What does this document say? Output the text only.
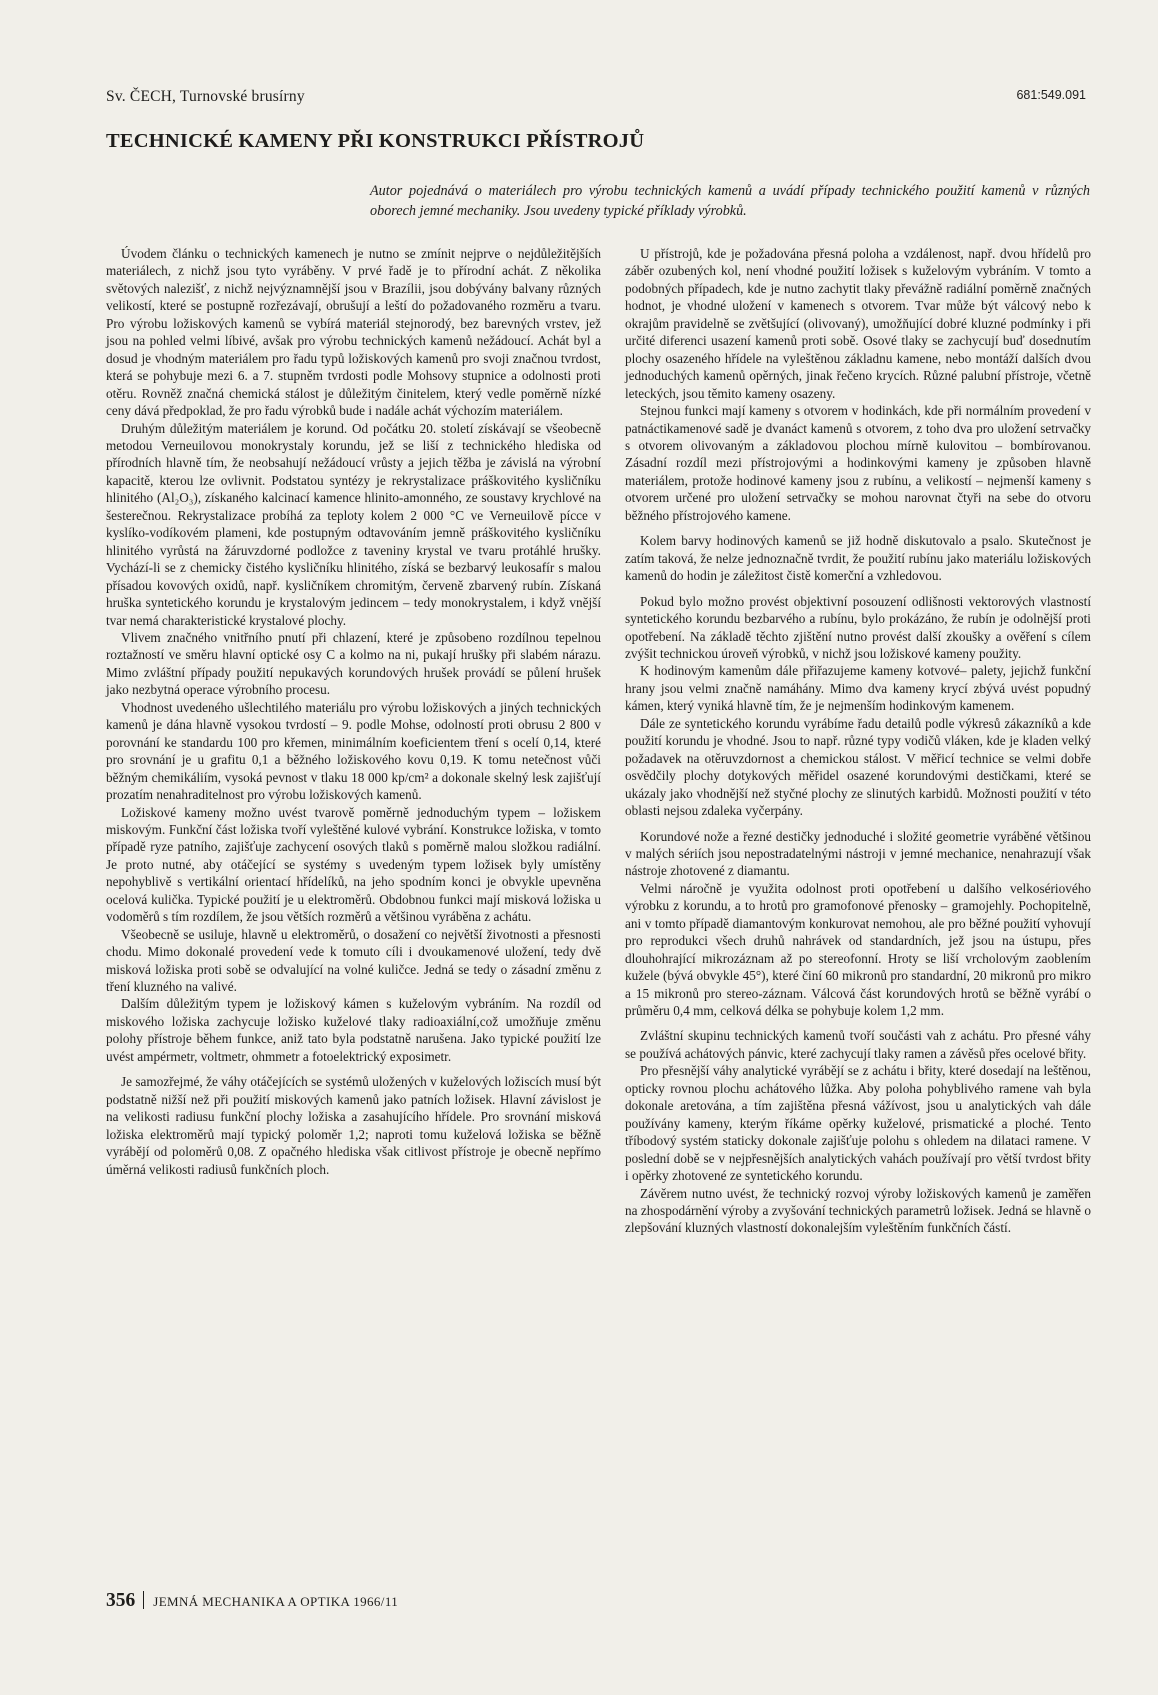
Sv. ČECH, Turnovské brusírny	681:549.091
TECHNICKÉ KAMENY PŘI KONSTRUKCI PŘÍSTROJŮ
Autor pojednává o materiálech pro výrobu technických kamenů a uvádí případy technického použití kamenů v různých oborech jemné mechaniky. Jsou uvedeny typické příklady výrobků.

Úvodem článku o technických kamenech je nutno se zmínit nejprve o nejdůležitějších materiálech, z nichž jsou tyto vyráběny. V prvé řadě je to přírodní achát. Z několika světových nalezišť, z nichž nejvýznamnější jsou v Brazílii, jsou dobývány balvany různých velikostí, které se postupně rozřezávají, obrušují a leští do požadovaného rozměru a tvaru. Pro výrobu ložiskových kamenů se vybírá materiál stejnorodý, bez barevných vrstev, jež jsou na pohled velmi líbivé, avšak pro výrobu technických kamenů nežádoucí. Achát byl a dosud je vhodným materiálem pro řadu typů ložiskových kamenů pro svoji značnou tvrdost, která se pohybuje mezi 6. a 7. stupněm tvrdosti podle Mohsovy stupnice a odolnosti proti otěru. Rovněž značná chemická stálost je důležitým činitelem, který vedle poměrně nízké ceny dává předpoklad, že pro řadu výrobků bude i nadále achát výchozím materiálem.

Druhým důležitým materiálem je korund. Od počátku 20. století získávají se všeobecně metodou Verneuilovou monokrystaly korundu, jež se liší z technického hlediska od přírodních hlavně tím, že neobsahují nežádoucí vrůsty a jejich těžba je závislá na výrobní kapacitě, kterou lze ovlivnit. Podstatou syntézy je rekrystalizace práškovitého kysličníku hlinitého (Al₂O₃), získaného kalcinací kamence hlinito-amonného, ze soustavy krychlové na šesterečnou. Rekrystalizace probíhá za teploty kolem 2 000 °C ve Verneuilově pícce v kyslíko-vodíkovém plameni, kde postupným odtavováním jemně práškovitého kysličníku hlinitého vyrůstá na žáruvzdorné podložce z taveniny krystal ve tvaru protáhlé hrušky. Vychází-li se z chemicky čistého kysličníku hlinitého, získá se bezbarvý leukosafír s malou přísadou kovových oxidů, např. kysličníkem chromitým, červeně zbarvený rubín. Získaná hruška syntetického korundu je krystalovým jedincem – tedy monokrystalem, i když vnější tvar nemá charakteristické krystalové plochy.

Vlivem značného vnitřního pnutí při chlazení, které je způsobeno rozdílnou tepelnou roztažností ve směru hlavní optické osy C a kolmo na ni, pukají hrušky při slabém nárazu. Mimo zvláštní případy použití nepukavých korundových hrušek provádí se půlení hrušek jako nezbytná operace výrobního procesu.

Vhodnost uvedeného ušlechtilého materiálu pro výrobu ložiskových a jiných technických kamenů je dána hlavně vysokou tvrdostí – 9. podle Mohse, odolností proti obrusu 2 800 v porovnání ke standardu 100 pro křemen, minimálním koeficientem tření s ocelí 0,14, které pro srovnání je u grafitu 0,1 a běžného ložiskového kovu 0,19. K tomu netečnost vůči běžným chemikáliím, vysoká pevnost v tlaku 18 000 kp/cm² a dokonale skelný lesk zajišťují prozatím nenahraditelnost pro výrobu ložiskových kamenů.

Ložiskové kameny možno uvést tvarově poměrně jednoduchým typem – ložiskem miskovým. Funkční část ložiska tvoří vyleštěné kulové vybrání. Konstrukce ložiska, v tomto případě ryze patního, zajišťuje zachycení osových tlaků s poměrně malou složkou radiální. Je proto nutné, aby otáčející se systémy s uvedeným typem ložisek byly umístěny nepohyblivě s vertikální orientací hřídelíků, na jeho spodním konci je obvykle upevněna ocelová kulička. Typické použití je u elektroměrů. Obdobnou funkci mají misková ložiska u vodoměrů s tím rozdílem, že jsou větších rozměrů a většinou vyráběna z achátu.

Všeobecně se usiluje, hlavně u elektroměrů, o dosažení co největší životnosti a přesnosti chodu. Mimo dokonalé provedení vede k tomuto cíli i dvoukamenové uložení, tedy dvě misková ložiska proti sobě se odvalující na volné kuličce. Jedná se tedy o zásadní změnu z tření kluzného na valivé.

Dalším důležitým typem je ložiskový kámen s kuželovým vybráním. Na rozdíl od miskového ložiska zachycuje ložisko kuželové tlaky radioaxiální,což umožňuje změnu polohy přístroje během funkce, aniž tato byla podstatně narušena. Jako typické použití lze uvést ampérmetr, voltmetr, ohmmetr a fotoelektrický exposimetr.

Je samozřejmé, že váhy otáčejících se systémů uložených v kuželových ložiscích musí být podstatně nižší než při použití miskových kamenů jako patních ložisek. Hlavní závislost je na velikosti radiusu funkční plochy ložiska a zasahujícího hřídele. Pro srovnání misková ložiska elektroměrů mají typický poloměr 1,2; naproti tomu kuželová ložiska se běžně vyrábějí od poloměrů 0,08. Z opačného hlediska však citlivost přístroje je obecně nepřímo úměrná velikosti radiusů funkčních ploch.

U přístrojů, kde je požadována přesná poloha a vzdálenost, např. dvou hřídelů pro záběr ozubených kol, není vhodné použití ložisek s kuželovým vybráním. V tomto a podobných případech, kde je nutno zachytit tlaky převážně radiální poměrně značných hodnot, je vhodné uložení v kamenech s otvorem. Tvar může být válcový nebo k okrajům pravidelně se zvětšující (olivovaný), umožňující dobré kluzné podmínky i při určité diferenci usazení kamenů proti sobě. Osové tlaky se zachycují buď dosednutím plochy osazeného hřídele na vyleštěnou základnu kamene, nebo montáží dalších dvou jednoduchých kamenů opěrných, jinak řečeno krycích. Různé palubní přístroje, včetně leteckých, jsou těmito kameny osazeny.

Stejnou funkci mají kameny s otvorem v hodinkách, kde při normálním provedení v patnáctikamenové sadě je dvanáct kamenů s otvorem, z toho dva pro uložení setrvačky s otvorem olivovaným a základovou plochou mírně kulovitou – bombírovanou. Zásadní rozdíl mezi přístrojovými a hodinkovými kameny je způsoben hlavně materiálem, protože hodinové kameny jsou z rubínu, a velikostí – nejmenší kameny s otvorem určené pro uložení setrvačky se mohou narovnat čtyři na sebe do otvoru běžného přístrojového kamene.

Kolem barvy hodinových kamenů se již hodně diskutovalo a psalo. Skutečnost je zatím taková, že nelze jednoznačně tvrdit, že použití rubínu jako materiálu ložiskových kamenů do hodin je záležitost čistě komerční a vzhledovou.

Pokud bylo možno provést objektivní posouzení odlišnosti vektorových vlastností syntetického korundu bezbarvého a rubínu, bylo prokázáno, že rubín je odolnější proti opotřebení. Na základě těchto zjištění nutno provést další zkoušky a ověření s cílem zvýšit technickou úroveň výrobků, v nichž jsou ložiskové kameny použity.

K hodinovým kamenům dále přiřazujeme kameny kotvové– palety, jejichž funkční hrany jsou velmi značně namáhány. Mimo dva kameny krycí zbývá uvést popudný kámen, který vyniká hlavně tím, že je nejmenším hodinkovým kamenem.

Dále ze syntetického korundu vyrábíme řadu detailů podle výkresů zákazníků a kde použití korundu je vhodné. Jsou to např. různé typy vodičů vláken, kde je kladen velký požadavek na otěruvzdornost a chemickou stálost. V měřicí technice se velmi dobře osvědčily plochy dotykových měřidel osazené korundovými destičkami, které se ukázaly jako vhodnější než styčné plochy ze slinutých karbidů. Možnosti použití v této oblasti nejsou zdaleka vyčerpány.

Korundové nože a řezné destičky jednoduché i složité geometrie vyráběné většinou v malých sériích jsou nepostradatelnými nástroji v jemné mechanice, nenahrazují však nástroje zhotovené z diamantu.

Velmi náročně je využita odolnost proti opotřebení u dalšího velkosériového výrobku z korundu, a to hrotů pro gramofonové přenosky – gramojehly. Pochopitelně, ani v tomto případě diamantovým konkurovat nemohou, ale pro běžné použití vyhovují pro reprodukci všech druhů nahrávek od standardních, jež jsou na ústupu, přes dlouhohrající mikrozáznam až po stereofonní. Hroty se liší vrcholovým zaoblením kužele (bývá obvykle 45°), které činí 60 mikronů pro standardní, 20 mikronů pro mikro a 15 mikronů pro stereo-záznam. Válcová část korundových hrotů se běžně vyrábí o průměru 0,4 mm, celková délka se pohybuje kolem 1,2 mm.

Zvláštní skupinu technických kamenů tvoří součásti vah z achátu. Pro přesné váhy se používá achátových pánvic, které zachycují tlaky ramen a závěsů přes ocelové břity.

Pro přesnější váhy analytické vyrábějí se z achátu i břity, které dosedají na leštěnou, opticky rovnou plochu achátového lůžka. Aby poloha pohyblivého ramene vah byla dokonale aretována, a tím zajištěna přesná vážívost, jsou u analytických vah dále používány kameny, kterým říkáme opěrky kuželové, prismatické a ploché. Tento tříbodový systém staticky dokonale zajišťuje polohu s ohledem na dilataci ramene. V poslední době se v nejpřesnějších analytických vahách používají pro větší tvrdost břity i opěrky zhotovené ze syntetického korundu.

Závěrem nutno uvést, že technický rozvoj výroby ložiskových kamenů je zaměřen na zhospodárnění výroby a zvyšování technických parametrů ložisek. Jedná se hlavně o zlepšování kluzných vlastností dokonalejším vyleštěním funkčních částí.

356 JEMNÁ MECHANIKA A OPTIKA 1966/11
